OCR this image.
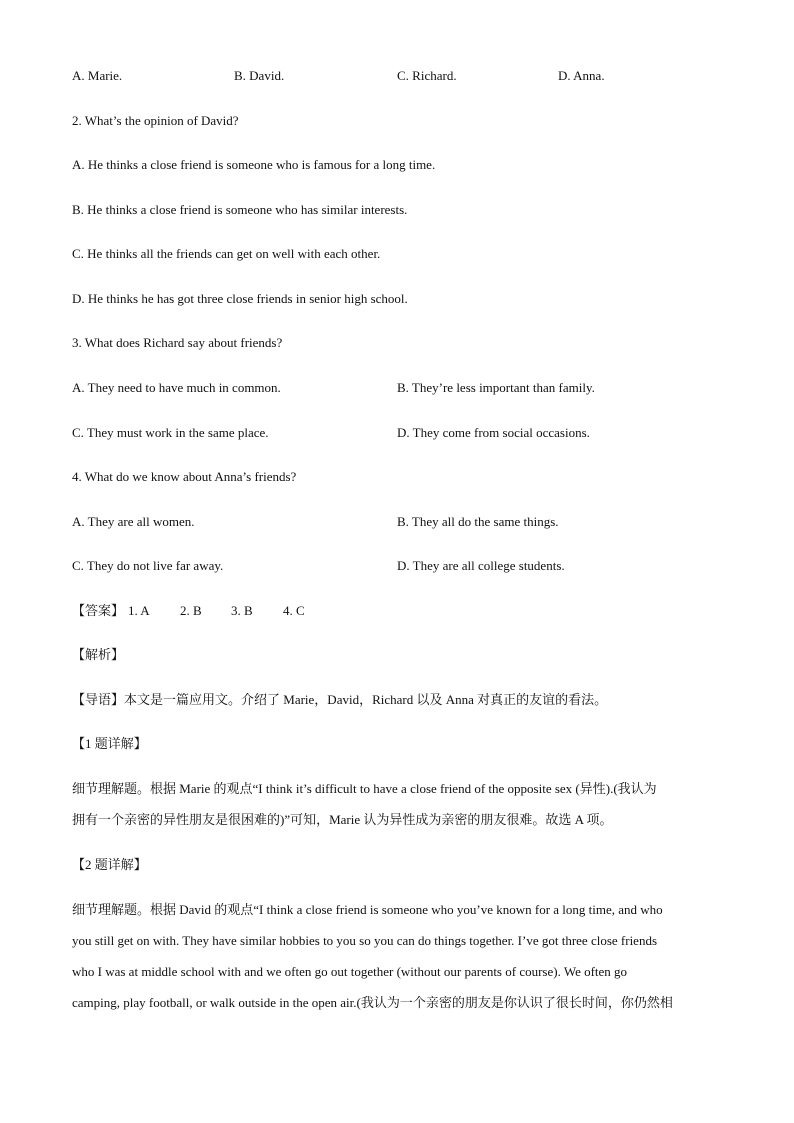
A. Marie.	B. David.	C. Richard.	D. Anna.
2. What’s the opinion of David?
A. He thinks a close friend is someone who is famous for a long time.
B. He thinks a close friend is someone who has similar interests.
C. He thinks all the friends can get on well with each other.
D. He thinks he has got three close friends in senior high school.
3. What does Richard say about friends?
A. They need to have much in common.	B. They’re less important than family.
C. They must work in the same place.	D. They come from social occasions.
4. What do we know about Anna’s friends?
A. They are all women.	B. They all do the same things.
C. They do not live far away.	D. They are all college students.
【答案】 1. A 2. B 3. B 4. C
【解析】
【导语】本文是一篇应用文。介绍了 Marie，David，Richard 以及 Anna 对真正的友谊的看法。
【1 题详解】
细节理解题。根据 Marie 的观点“I think it’s difficult to have a close friend of the opposite sex (异性).(我认为
拥有一个亲密的异性朋友是很困难的)”可知，Marie 认为异性成为亲密的朋友很难。故选 A 项。
【2 题详解】
细节理解题。根据 David 的观点“I think a close friend is someone who you’ve known for a long time, and who
you still get on with. They have similar hobbies to you so you can do things together. I’ve got three close friends
who I was at middle school with and we often go out together (without our parents of course). We often go
camping, play football, or walk outside in the open air.(我认为一个亲密的朋友是你认识了很长时间，你仍然相
